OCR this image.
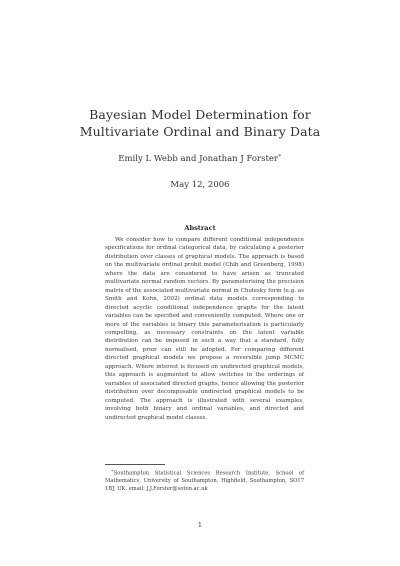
Bayesian Model Determination for Multivariate Ordinal and Binary Data
Emily L Webb and Jonathan J Forster∗
May 12, 2006
Abstract

We consider how to compare different conditional independence specifications for ordinal categorical data, by calculating a posterior distribution over classes of graphical models. The approach is based on the multivariate ordinal probit model (Chib and Greenberg, 1998) where the data are considered to have arisen as truncated multivariate normal random vectors. By parameterising the precision matrix of the associated multivariate normal in Cholesky form (e.g. as Smith and Kohn, 2002) ordinal data models corresponding to directed acyclic conditional independence graphs for the latent variables can be specified and conveniently computed. Where one or more of the variables is binary this parameterisation is particularly compelling, as necessary constraints on the latent variable distribution can be imposed in such a way that a standard, fully normalised, prior can still be adopted. For comparing different directed graphical models we propose a reversible jump MCMC approach. Where interest is focused on undirected graphical models, this approach is augmented to allow switches in the orderings of variables of associated directed graphs, hence allowing the posterior distribution over decomposable undirected graphical models to be computed. The approach is illustrated with several examples, involving both binary and ordinal variables, and directed and undirected graphical model classes.

∗Southampton Statistical Sciences Research Institute, School of Mathematics, University of Southampton, Highfield, Southampton, SO17 1BJ, UK. email: J.J.Forster@soton.ac.uk

1
